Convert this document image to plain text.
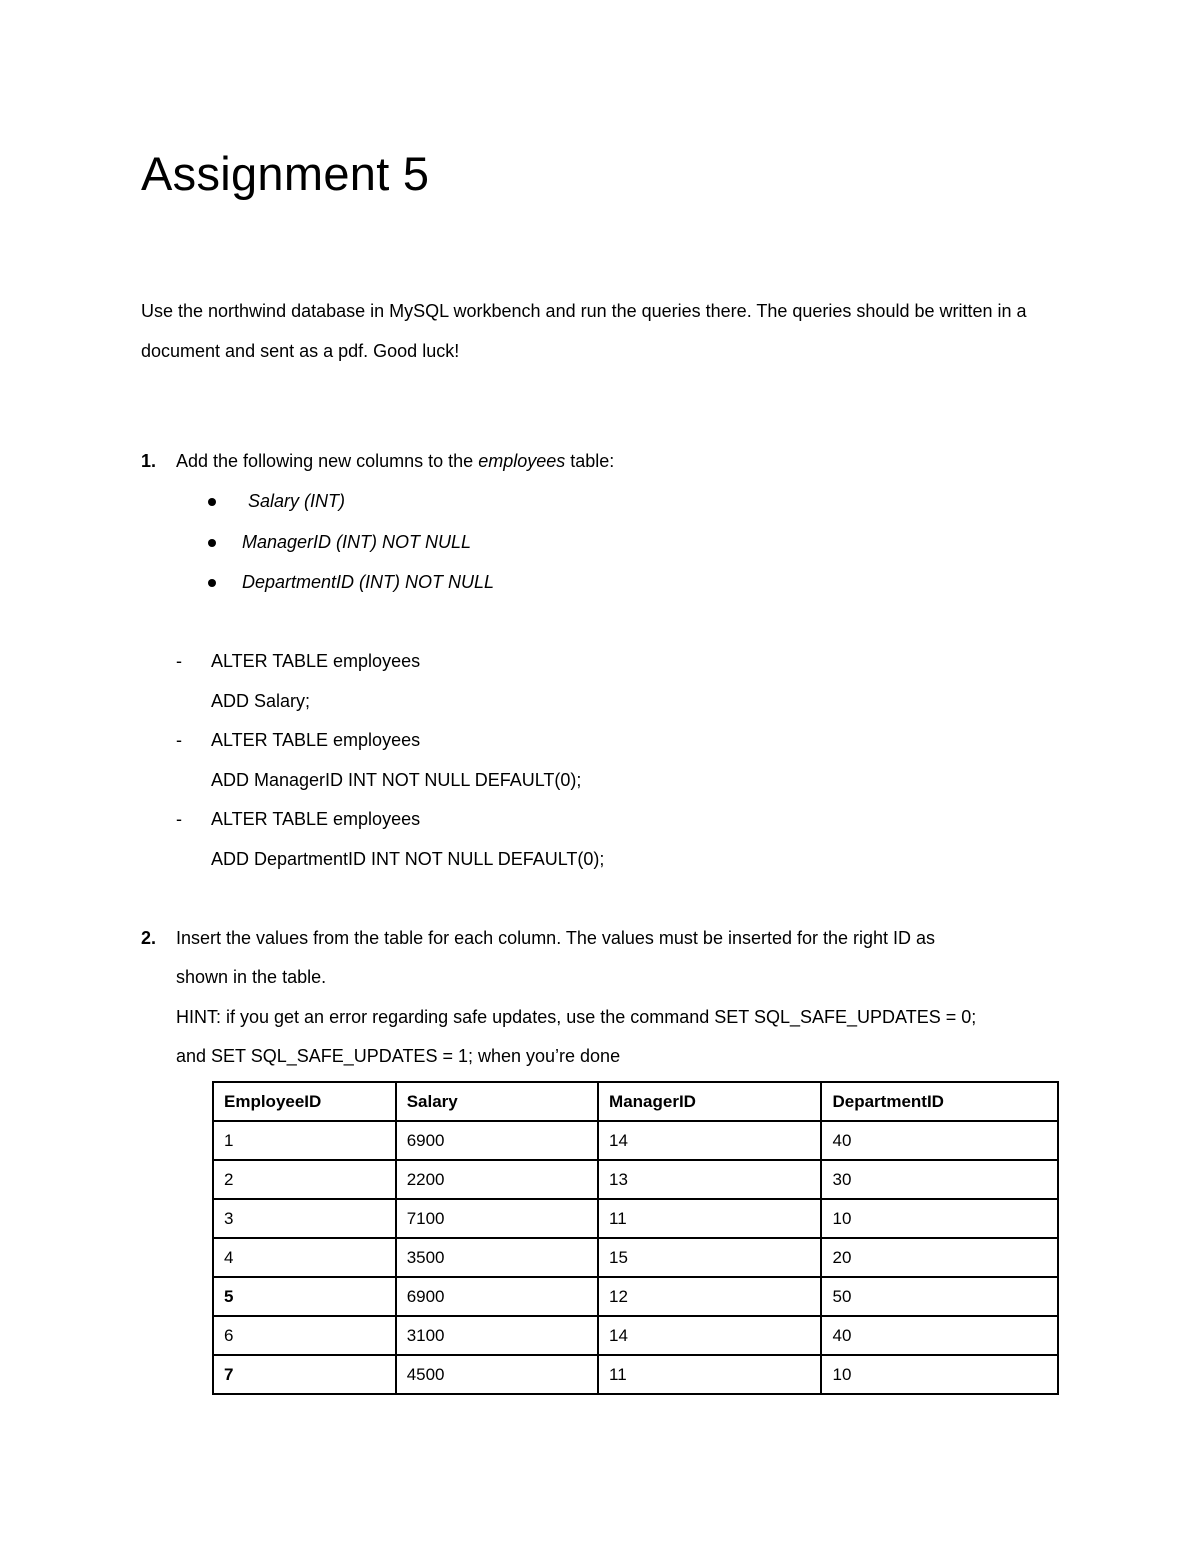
Assignment 5
Use the northwind database in MySQL workbench and run the queries there. The queries should be written in a document and sent as a pdf. Good luck!
1. Add the following new columns to the employees table:
Salary (INT)
ManagerID (INT) NOT NULL
DepartmentID (INT) NOT NULL
- ALTER TABLE employees
ADD Salary;
- ALTER TABLE employees
ADD ManagerID INT NOT NULL DEFAULT(0);
- ALTER TABLE employees
ADD DepartmentID INT NOT NULL DEFAULT(0);
2. Insert the values from the table for each column. The values must be inserted for the right ID as
shown in the table.
HINT: if you get an error regarding safe updates, use the command SET SQL_SAFE_UPDATES = 0;
and SET SQL_SAFE_UPDATES = 1; when you’re done
EmployeeID	Salary	ManagerID	DepartmentID
1	6900	14	40
2	2200	13	30
3	7100	11	10
4	3500	15	20
5	6900	12	50
6	3100	14	40
7	4500	11	10
